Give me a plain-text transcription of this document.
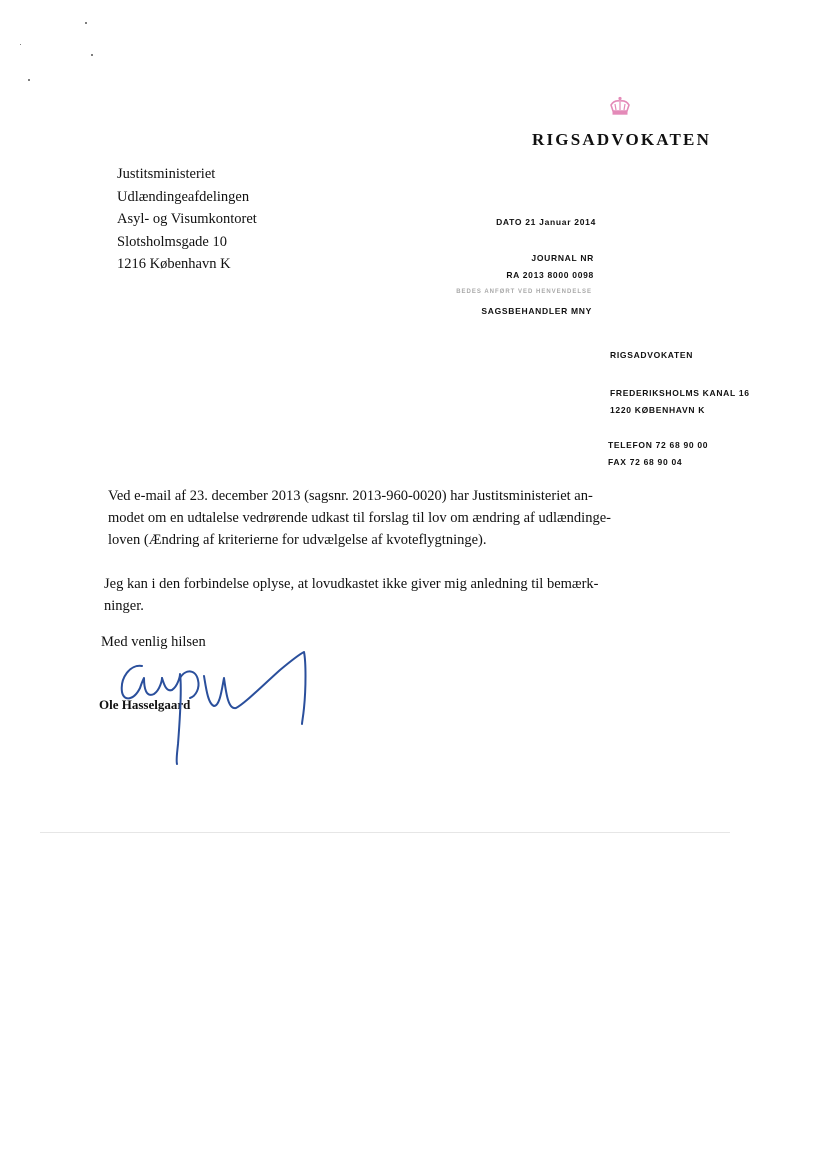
RIGSADVOKATEN
Justitsministeriet
Udlændingeafdelingen
Asyl- og Visumkontoret
Slotsholmsgade 10
1216 København K
DATO 21 Januar 2014
JOURNAL NR
RA 2013 8000 0098
BEDES ANFØRT VED HENVENDELSE
SAGSBEHANDLER MNY
RIGSADVOKATEN
FREDERIKSHOLMS KANAL 16
1220 KØBENHAVN K
TELEFON 72 68 90 00
FAX 72 68 90 04
Ved e-mail af 23. december 2013 (sagsnr. 2013-960-0020) har Justitsministeriet an-
modet om en udtalelse vedrørende udkast til forslag til lov om ændring af udlændinge-
loven (Ændring af kriterierne for udvælgelse af kvoteflygtninge).
Jeg kan i den forbindelse oplyse, at lovudkastet ikke giver mig anledning til bemærk-
ninger.
Med venlig hilsen
Ole Hasselgaard
